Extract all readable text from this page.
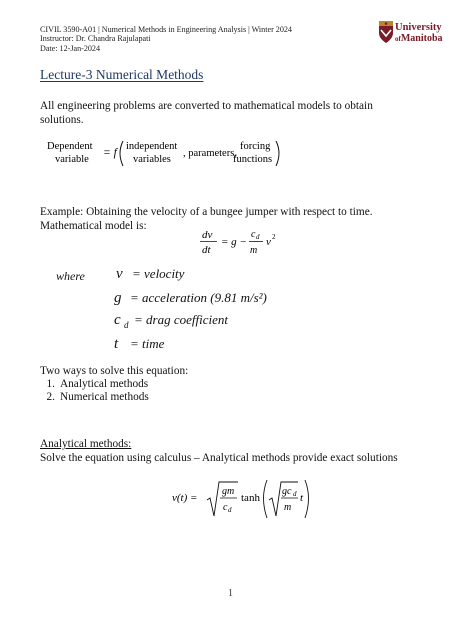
CIVIL 3590-A01 | Numerical Methods in Engineering Analysis | Winter 2024
Instructor: Dr. Chandra Rajulapati
Date: 12-Jan-2024
University
ofManitoba
Lecture-3 Numerical Methods
All engineering problems are converted to mathematical models to obtain
solutions.
Dependent
variable
= f
independent
variables
, parameters,
forcing
functions
Example: Obtaining the velocity of a bungee jumper with respect to time.
Mathematical model is:
dv
dt
= g −
c d
m
v 2
where v = velocity
g = acceleration (9.81 m/s²)
c d = drag coefficient
t = time
Two ways to solve this equation:
1. Analytical methods
2. Numerical methods
Analytical methods:
Solve the equation using calculus – Analytical methods provide exact solutions
v(t) =
gm
c d
tanh
gc d
m
t
1
